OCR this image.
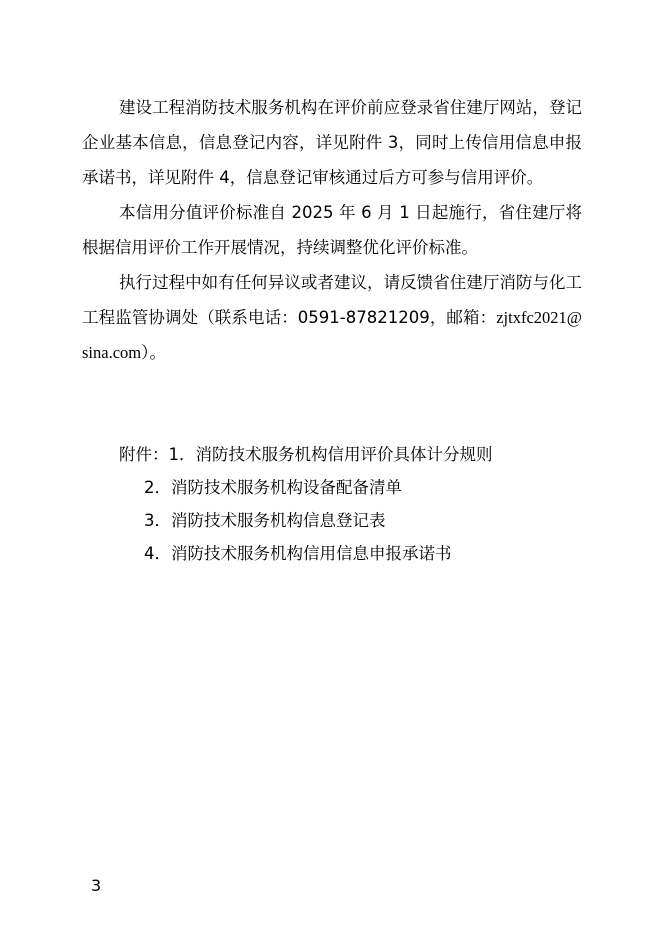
建设工程消防技术服务机构在评价前应登录省住建厅网站，登记企业基本信息，信息登记内容，详见附件 3，同时上传信用信息申报承诺书，详见附件 4，信息登记审核通过后方可参与信用评价。

本信用分值评价标准自 2025 年 6 月 1 日起施行，省住建厅将根据信用评价工作开展情况，持续调整优化评价标准。

执行过程中如有任何异议或者建议，请反馈省住建厅消防与化工工程监管协调处（联系电话：0591-87821209，邮箱：zjtxfc2021@sina.com）。

附件：1．消防技术服务机构信用评价具体计分规则

2．消防技术服务机构设备配备清单

3．消防技术服务机构信息登记表

4．消防技术服务机构信用信息申报承诺书

3
